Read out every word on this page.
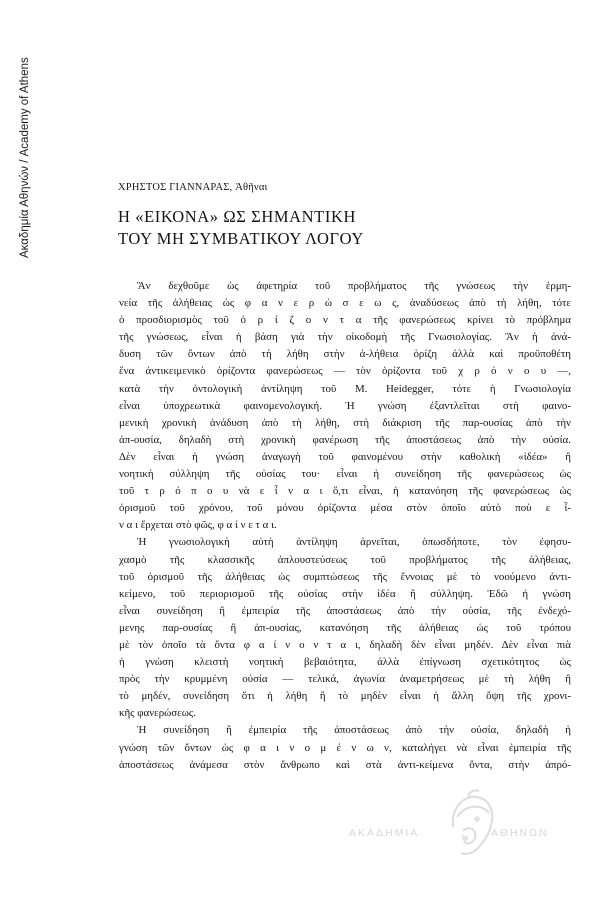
Ακαδημία Αθηνών / Academy of Athens	ΧΡΗΣΤΟΣ ΓΙΑΝΝΑΡΑΣ, Ἀθῆναι
Η «ΕΙΚΟΝΑ» ΩΣ ΣΗΜΑΝΤΙΚΗ
ΤΟΥ ΜΗ ΣΥΜΒΑΤΙΚΟΥ ΛΟΓΟΥ
Ἂν δεχθοῦμε ὡς ἀφετηρία τοῦ προβλήματος τῆς γνώσεως τὴν ἑρμη-
νεία τῆς ἀλήθειας ὡς φ α ν ε ρ ώ σ ε ω ς, ἀναδύσεως ἀπὸ τὴ λήθη, τότε
ὁ προσδιορισμὸς τοῦ ὁ ρ ί ζ ο ν τ α τῆς φανερώσεως κρίνει τὸ πρόβλημα
τῆς γνώσεως, εἶναι ἡ βάση γιὰ τὴν οἰκοδομὴ τῆς Γνωσιολογίας. Ἂν ἡ ἀνά-
δυση τῶν ὄντων ἀπὸ τὴ λήθη στὴν ἀ-λήθεια ὁρίζη ἀλλὰ καὶ προϋποθέτη
ἕνα ἀντικειμενικὸ ὁρίζοντα φανερώσεως — τὸν ὁρίζοντα τοῦ χ ρ ό ν ο υ —,
κατὰ τὴν ὀντολογικὴ ἀντίληψη τοῦ Μ. Heidegger, τότε ἡ Γνωσιολογία
εἶναι ὑποχρεωτικὰ φαινομενολογική. Ἡ γνώση ἐξαντλεῖται στὴ φαινο-
μενικὴ χρονικὴ ἀνάδυση ἀπὸ τὴ λήθη, στὴ διάκριση τῆς παρ-ουσίας ἀπὸ τὴν
ἀπ-ουσία, δηλαδὴ στὴ χρονικὴ φανέρωση τῆς ἀποστάσεως ἀπὸ τὴν οὐσία.
Δὲν εἶναι ἡ γνώση ἀναγωγὴ τοῦ φαινομένου στὴν καθολικὴ «ἰδέα» ἢ
νοητικὴ σύλληψη τῆς οὐσίας του· εἶναι ἡ συνείδηση τῆς φανερώσεως ὡς
τοῦ τ ρ ό π ο υ νὰ ε ἶ ν α ι ὅ,τι εἶναι, ἡ κατανόηση τῆς φανερώσεως ὡς
ὁρισμοῦ τοῦ χρόνου, τοῦ μόνου ὁρίζοντα μέσα στὸν ὁποῖο αὐτὸ ποὺ ε ἶ-
ν α ι ἔρχεται στὸ φῶς, φ α ί ν ε τ α ι.
Ἡ γνωσιολογικὴ αὐτὴ ἀντίληψη ἀρνεῖται, ὁπωσδήποτε, τὸν ἐφησυ-
χασμὸ τῆς κλασσικῆς ἁπλουστεύσεως τοῦ προβλήματος τῆς ἀλήθειας,
τοῦ ὁρισμοῦ τῆς ἀλήθειας ὡς συμπτώσεως τῆς ἔννοιας μὲ τὸ νοούμενο ἀντι-
κείμενο, τοῦ περιορισμοῦ τῆς οὐσίας στὴν ἰδέα ἢ σύλληψη. Ἐδῶ ἡ γνώση
εἶναι συνείδηση ἢ ἐμπειρία τῆς ἀποστάσεως ἀπὸ τὴν οὐσία, τῆς ἐνδεχό-
μενης παρ-ουσίας ἢ ἀπ-ουσίας, κατανόηση τῆς ἀλήθειας ὡς τοῦ τρόπου
μὲ τὸν ὁποῖο τὰ ὄντα φ α ί ν ο ν τ α ι, δηλαδὴ δὲν εἶναι μηδέν. Δὲν εἶναι πιὰ
ἡ γνώση κλειστὴ νοητικὴ βεβαιότητα, ἀλλὰ ἐπίγνωση σχετικότητος ὡς
πρὸς τὴν κρυμμένη οὐσία — τελικά, ἀγωνία ἀναμετρήσεως μὲ τὴ λήθη ἢ
τὸ μηδέν, συνείδηση ὅτι ἡ λήθη ἢ τὸ μηδὲν εἶναι ἡ ἄλλη ὄψη τῆς χρονι-
κῆς φανερώσεως.
Ἡ συνείδηση ἢ ἐμπειρία τῆς ἀποστάσεως ἀπὸ τὴν οὐσία, δηλαδὴ ἡ
γνώση τῶν ὄντων ὡς φ α ι ν ο μ έ ν ω ν, καταλήγει νὰ εἶναι ἐμπειρία τῆς
ἀποστάσεως ἀνάμεσα στὸν ἄνθρωπο καὶ στὰ ἀντι-κείμενα ὄντα, στὴν ἀπρό-
ΑΚΑΔΗΜΙΑ	ΑΘΗΝΩΝ
